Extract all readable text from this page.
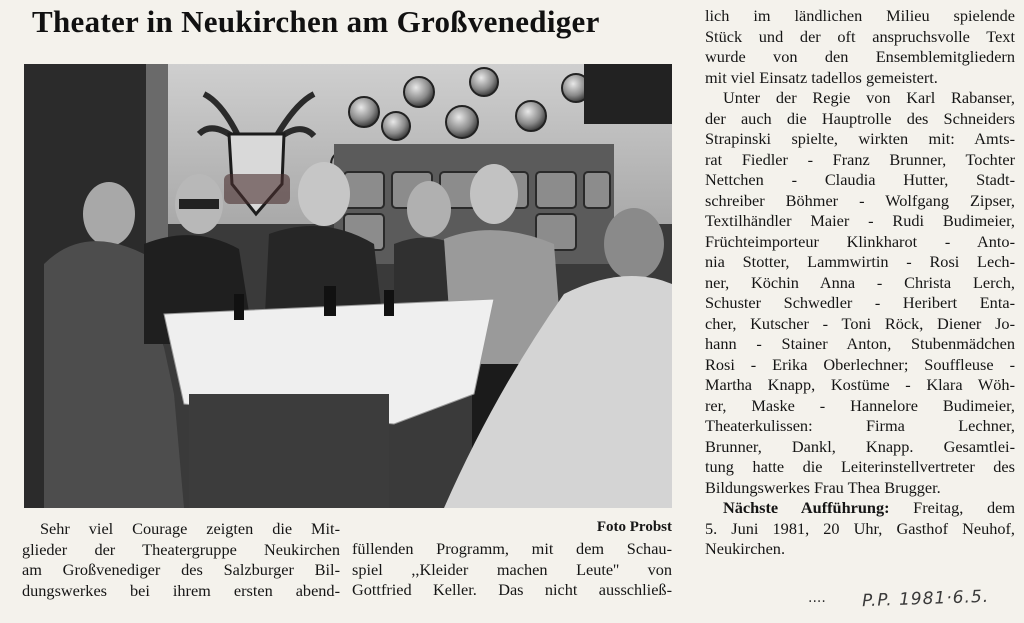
Theater in Neukirchen am Großvenediger
Foto Probst

Sehr viel Courage zeigten die Mit-

glieder der Theatergruppe Neukirchen

am Großvenediger des Salzburger Bil-

dungswerkes bei ihrem ersten abend-

füllenden Programm, mit dem Schau-

spiel ,,Kleider machen Leute'' von

Gottfried Keller. Das nicht ausschließ-

lich im ländlichen Milieu spielende

Stück und der oft anspruchsvolle Text

wurde von den Ensemblemitgliedern

mit viel Einsatz tadellos gemeistert.

Unter der Regie von Karl Rabanser,

der auch die Hauptrolle des Schneiders

Strapinski spielte, wirkten mit: Amts-

rat Fiedler - Franz Brunner, Tochter

Nettchen - Claudia Hutter, Stadt-

schreiber Böhmer - Wolfgang Zipser,

Textilhändler Maier - Rudi Budimeier,

Früchteimporteur Klinkharot - Anto-

nia Stotter, Lammwirtin - Rosi Lech-

ner, Köchin Anna - Christa Lerch,

Schuster Schwedler - Heribert Enta-

cher, Kutscher - Toni Röck, Diener Jo-

hann - Stainer Anton, Stubenmädchen

Rosi - Erika Oberlechner; Souffleuse -

Martha Knapp, Kostüme - Klara Wöh-

rer, Maske - Hannelore Budimeier,

Theaterkulissen: Firma Lechner,

Brunner, Dankl, Knapp. Gesamtlei-

tung hatte die Leiterinstellvertreter des

Bildungswerkes Frau Thea Brugger.

Nächste Aufführung: Freitag, dem

5. Juni 1981, 20 Uhr, Gasthof Neuhof,

Neukirchen.

.... P.P. 1981·6.5.
